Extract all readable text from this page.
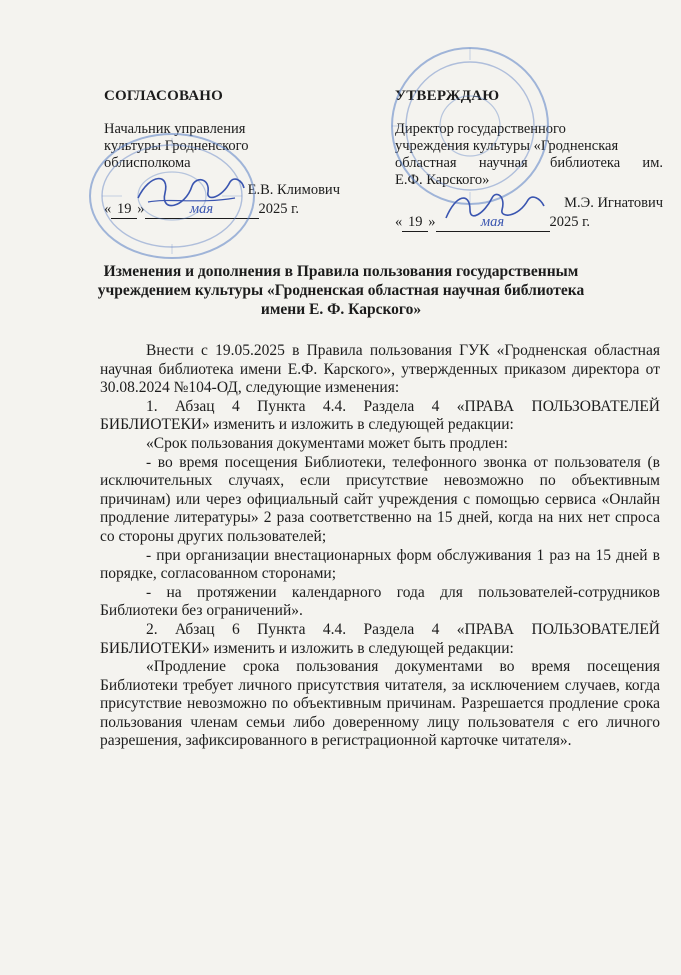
СОГЛАСОВАНО
Начальник управления
культуры Гродненского
облисполкома
Е.В. Климович
« 19 »	мая	2025 г.
УТВЕРЖДАЮ
Директор государственного
учреждения культуры «Гродненская
областная научная библиотека им.
Е.Ф. Карского»
М.Э. Игнатович
« 19 »	мая	2025 г.
Изменения и дополнения в Правила пользования государственным учреждением культуры «Гродненская областная научная библиотека имени Е. Ф. Карского»

Внести с 19.05.2025 в Правила пользования ГУК «Гродненская областная научная библиотека имени Е.Ф. Карского», утвержденных приказом директора от 30.08.2024 №104-ОД, следующие изменения:

1. Абзац 4 Пункта 4.4. Раздела 4 «ПРАВА ПОЛЬЗОВАТЕЛЕЙ БИБЛИОТЕКИ» изменить и изложить в следующей редакции:

«Срок пользования документами может быть продлен:

- во время посещения Библиотеки, телефонного звонка от пользователя (в исключительных случаях, если присутствие невозможно по объективным причинам) или через официальный сайт учреждения с помощью сервиса «Онлайн продление литературы» 2 раза соответственно на 15 дней, когда на них нет спроса со стороны других пользователей;

- при организации внестационарных форм обслуживания 1 раз на 15 дней в порядке, согласованном сторонами;

- на протяжении календарного года для пользователей-сотрудников Библиотеки без ограничений».

2. Абзац 6 Пункта 4.4. Раздела 4 «ПРАВА ПОЛЬЗОВАТЕЛЕЙ БИБЛИОТЕКИ» изменить и изложить в следующей редакции:

«Продление срока пользования документами во время посещения Библиотеки требует личного присутствия читателя, за исключением случаев, когда присутствие невозможно по объективным причинам. Разрешается продление срока пользования членам семьи либо доверенному лицу пользователя с его личного разрешения, зафиксированного в регистрационной карточке читателя».
